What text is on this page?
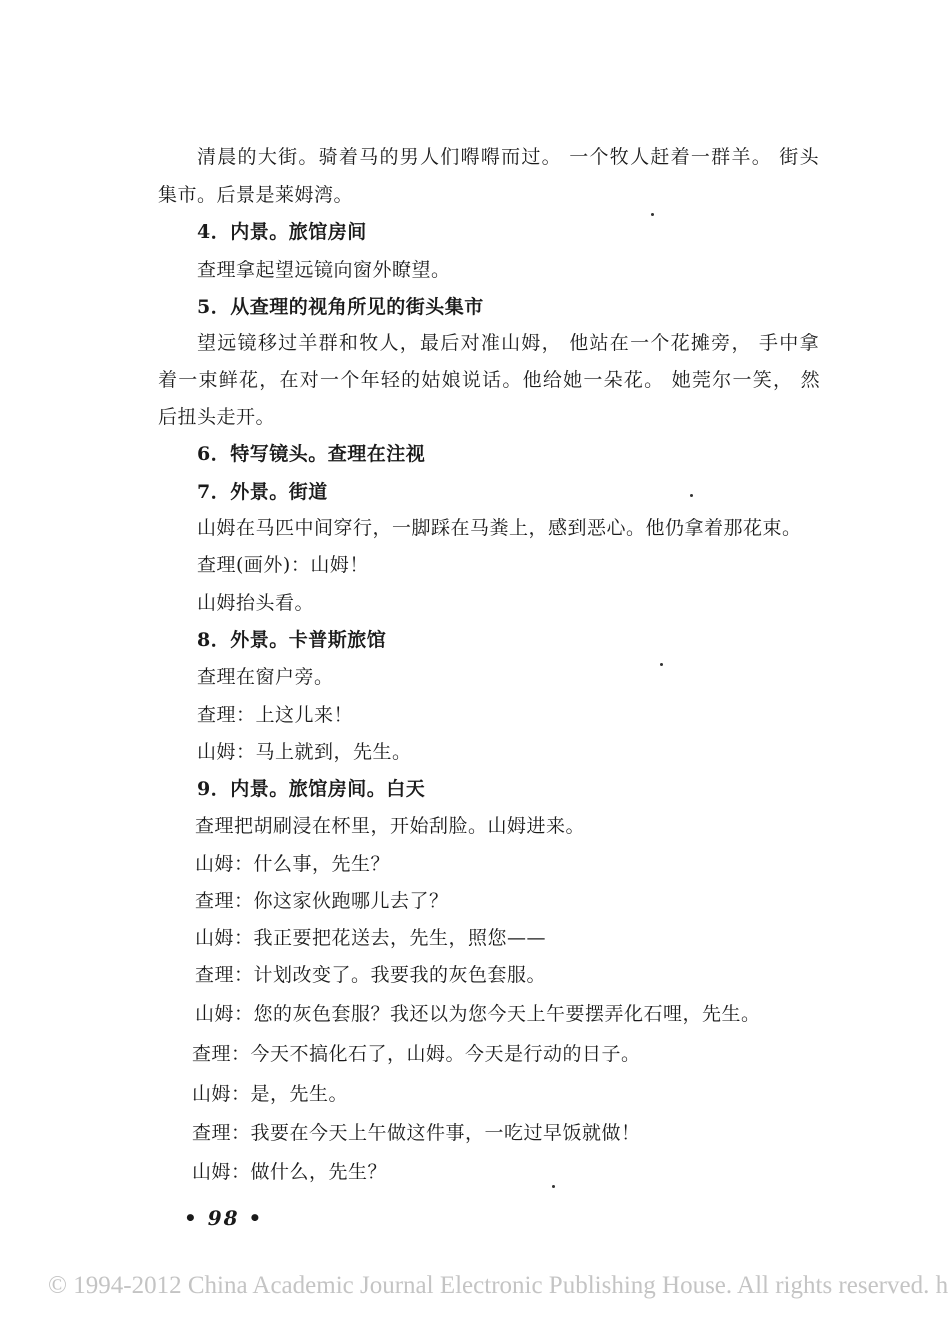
清晨的大街。骑着马的男人们嘚嘚而过。 一个牧人赶着一群羊。 街头
集市。后景是莱姆湾。
4．内景。旅馆房间
查理拿起望远镜向窗外瞭望。
5．从查理的视角所见的街头集市
望远镜移过羊群和牧人，最后对准山姆， 他站在一个花摊旁， 手中拿
着一束鲜花，在对一个年轻的姑娘说话。他给她一朵花。 她莞尔一笑， 然
后扭头走开。
6．特写镜头。查理在注视
7．外景。街道
山姆在马匹中间穿行，一脚踩在马粪上，感到恶心。他仍拿着那花束。
查理(画外)：山姆！
山姆抬头看。
8．外景。卡普斯旅馆
查理在窗户旁。
查理：上这儿来！
山姆：马上就到，先生。
9．内景。旅馆房间。白天
查理把胡刷浸在杯里，开始刮脸。山姆进来。
山姆：什么事，先生？
查理：你这家伙跑哪儿去了？
山姆：我正要把花送去，先生，照您——
查理：计划改变了。我要我的灰色套服。
山姆：您的灰色套服？我还以为您今天上午要摆弄化石哩，先生。
查理：今天不搞化石了，山姆。今天是行动的日子。
山姆：是，先生。
查理：我要在今天上午做这件事，一吃过早饭就做！
山姆：做什么，先生？
• 98 •
© 1994-2012 China Academic Journal Electronic Publishing House. All rights reserved. h
